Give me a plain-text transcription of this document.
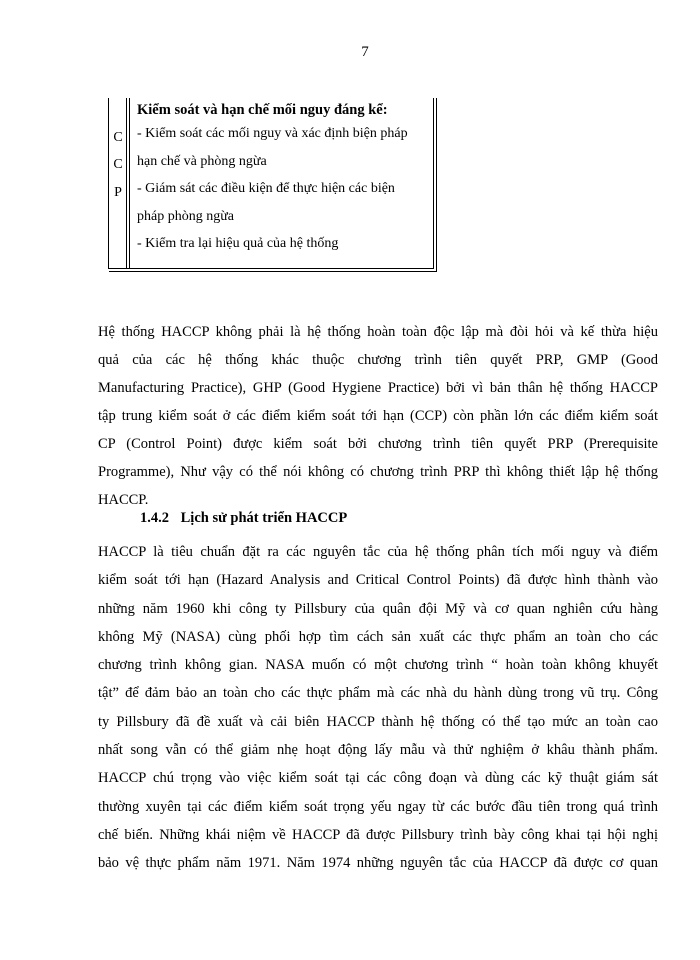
7
C
C
P
Kiểm soát và hạn chế mối nguy đáng kể:
- Kiểm soát các mối nguy và xác định biện pháp
hạn chế và phòng ngừa
- Giám sát các điều kiện để thực hiện các biện
pháp phòng ngừa
- Kiểm tra lại hiệu quả của hệ thống
Hệ thống HACCP không phải là hệ thống hoàn toàn độc lập mà đòi hỏi và kế thừa hiệu
quả của các hệ thống khác thuộc chương trình tiên quyết PRP, GMP (Good
Manufacturing Practice), GHP (Good Hygiene Practice) bởi vì bản thân hệ thống HACCP
tập trung kiểm soát ở các điểm kiểm soát tới hạn (CCP) còn phần lớn các điểm kiểm soát
CP (Control Point) được kiểm soát bởi chương trình tiên quyết PRP (Prerequisite
Programme), Như vậy có thể nói không có chương trình PRP thì không thiết lập hệ thống
HACCP.
1.4.2 Lịch sử phát triển HACCP
HACCP là tiêu chuẩn đặt ra các nguyên tắc của hệ thống phân tích mối nguy và điểm
kiểm soát tới hạn (Hazard Analysis and Critical Control Points) đã được hình thành vào
những năm 1960 khi công ty Pillsbury của quân đội Mỹ và cơ quan nghiên cứu hàng
không Mỹ (NASA) cùng phối hợp tìm cách sản xuất các thực phẩm an toàn cho các
chương trình không gian. NASA muốn có một chương trình “ hoàn toàn không khuyết
tật” để đảm bảo an toàn cho các thực phẩm mà các nhà du hành dùng trong vũ trụ. Công
ty Pillsbury đã đề xuất và cải biên HACCP thành hệ thống có thể tạo mức an toàn cao
nhất song vẫn có thể giảm nhẹ hoạt động lấy mẫu và thử nghiệm ở khâu thành phẩm.
HACCP chú trọng vào việc kiểm soát tại các công đoạn và dùng các kỹ thuật giám sát
thường xuyên tại các điểm kiểm soát trọng yếu ngay từ các bước đầu tiên trong quá trình
chế biến. Những khái niệm về HACCP đã được Pillsbury trình bày công khai tại hội nghị
bảo vệ thực phẩm năm 1971. Năm 1974 những nguyên tắc của HACCP đã được cơ quan
